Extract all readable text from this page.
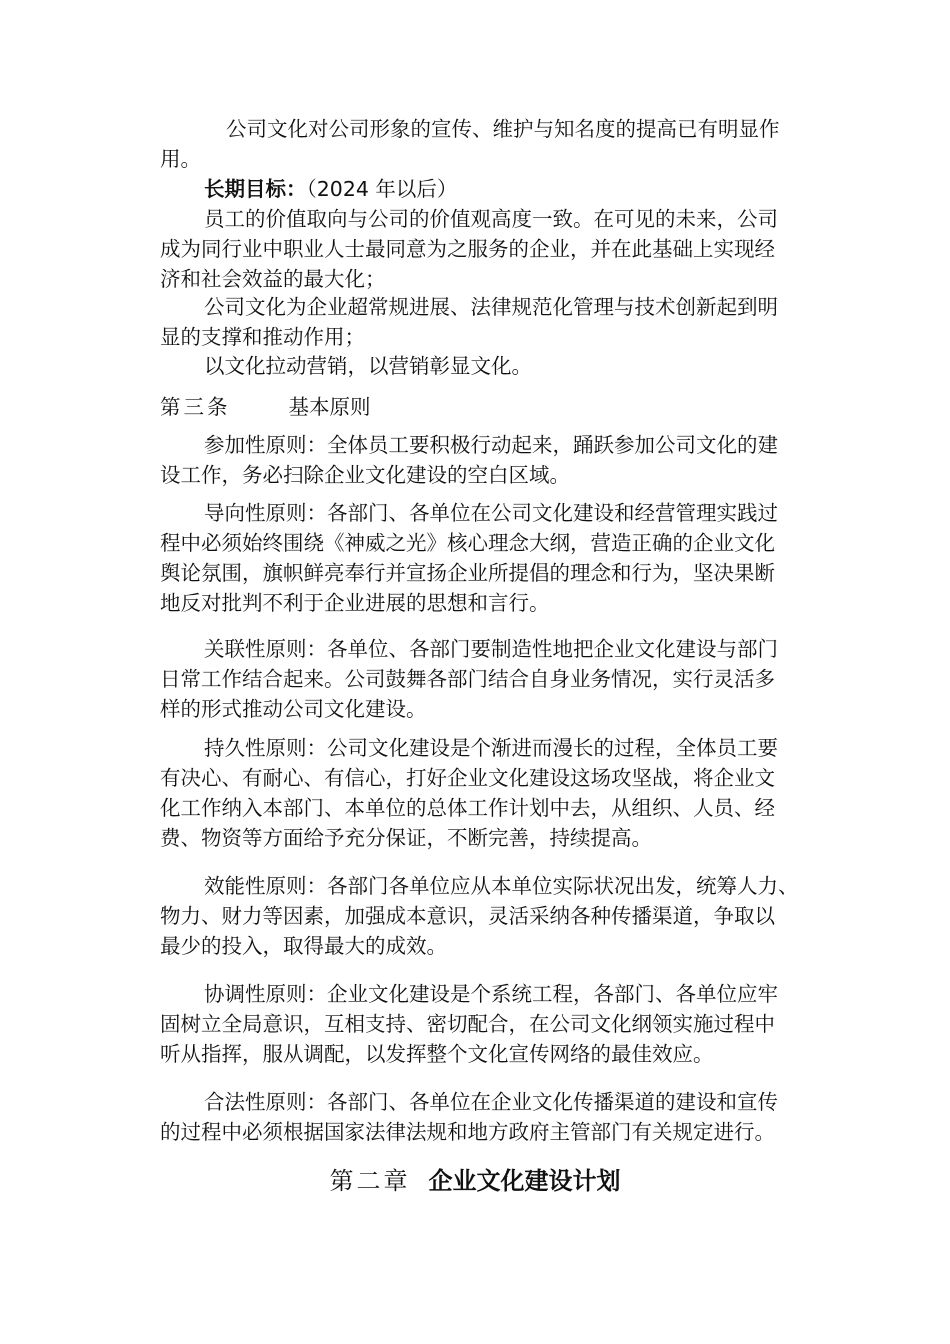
公司文化对公司形象的宣传、维护与知名度的提高已有明显作
用。
长期目标：（2024 年以后）
员工的价值取向与公司的价值观高度一致。在可见的未来，公司
成为同行业中职业人士最同意为之服务的企业，并在此基础上实现经
济和社会效益的最大化；
公司文化为企业超常规进展、法律规范化管理与技术创新起到明
显的支撑和推动作用；
以文化拉动营销，以营销彰显文化。
第三条	基本原则
参加性原则：全体员工要积极行动起来，踊跃参加公司文化的建
设工作，务必扫除企业文化建设的空白区域。
导向性原则：各部门、各单位在公司文化建设和经营管理实践过
程中必须始终围绕《神威之光》核心理念大纲，营造正确的企业文化
舆论氛围，旗帜鲜亮奉行并宣扬企业所提倡的理念和行为，坚决果断
地反对批判不利于企业进展的思想和言行。
关联性原则：各单位、各部门要制造性地把企业文化建设与部门
日常工作结合起来。公司鼓舞各部门结合自身业务情况，实行灵活多
样的形式推动公司文化建设。
持久性原则：公司文化建设是个渐进而漫长的过程，全体员工要
有决心、有耐心、有信心，打好企业文化建设这场攻坚战，将企业文
化工作纳入本部门、本单位的总体工作计划中去，从组织、人员、经
费、物资等方面给予充分保证，不断完善，持续提高。
效能性原则：各部门各单位应从本单位实际状况出发，统筹人力、
物力、财力等因素，加强成本意识，灵活采纳各种传播渠道，争取以
最少的投入，取得最大的成效。
协调性原则：企业文化建设是个系统工程，各部门、各单位应牢
固树立全局意识，互相支持、密切配合，在公司文化纲领实施过程中
听从指挥，服从调配，以发挥整个文化宣传网络的最佳效应。
合法性原则：各部门、各单位在企业文化传播渠道的建设和宣传
的过程中必须根据国家法律法规和地方政府主管部门有关规定进行。
第二章 企业文化建设计划
